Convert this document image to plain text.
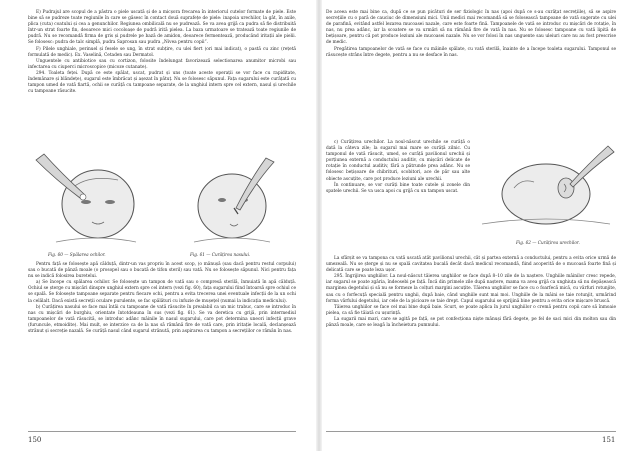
E) Pudrajul are scopul de a păstra o piele uscată și de a micșora frecarea în interiorul cutelor formate de piele. Este bine să se pudreze toate regiunile în care se găsesc în contact două suprafețe de piele: inapoia urechilor, la gât, în axile, plica (cuta) coatului și cea a genunchilor. Regiunea ombilicală nu se pudrează. Se va avea grijă ca pudra să fie distribuită într-un strat foarte fin, deoarece mici cocoloașe de pudră irită pielea. La baza urmatoare se tratează toate regiunile de pudră. Nu se recomandă firma de gris și pudrele pe bază de amidon, deoarece fermentează, producând iritații ale pielii. Se folosesc: pudra de talc simplă, pudra Saprosan sau pudra „Nivea pentru copii”.

F) Pilele unghiale, perinuel și fesele se ung, în strat subțire, cu ulei fiert (ori mai indicat), o pastă cu zinc (rețetă formulată de medic). Ex. Vaselină, Cetaden sau Dermatol.

Unguentele cu antibiotice sau cu cortizon, folosite îndelungat favorizează selectionarea anumitor microbi sau infectarea cu ciuperci microscopice (micoze cutanate).

294. Toaleta feței. După ce este spălat, uscat, pudrat și uns (toate aceste operații se vor face cu rapiditate, îndemânare și blândețe), sugarul este îmbrăcat și așezat în pătuț. Nu se folosesc săpunul. Fața sugarului este curățată cu tampon umed de vată fiartă, ochii se curăță cu tampoane separate, de la unghiul intern spre cel extern, nasul și urechile cu tampoane răsucite.

Fig. 60 — Spălarea ochilor.	Fig. 61 — Curățirea nasului.

Pentru față se folosește apă călduță, dintr-un vas propriu în acest scop, (o mânușă (sau dacă pentru restul corpului) sau o bucată de pânză moale (o prosopel sau o bucată de tifon steril) sau vată. Nu se folosește săpunul. Nici pentru fața nu se indică folosirea buretelui.

a) Se începe cu spălarea ochilor. Se folosește un tampon de vată sau o compresă sterilă, înmuiată în apă călduță. Ochiul se șterge cu mișcări dinspre unghiul extern spre cel intern (vezi fig. 60), fața sugarului fiind întoarsă spre ochiul ce se spală. Se folosește tampoane separate pentru fiecare ochi, pentru a evita trecerea unei eventuale infecții de la un ochi la celălalt. Dacă există secreții oculare purulente, se fac spălături cu infuzie de mușețel (numai la indicația medicului).

b) Curățirea nasului se face mai întâi cu tampoane de vată răsucite în prealabil ca un mic trabuc, care se introduc în nas cu mișcări de burghiu, orientate întotdeauna în sus (vezi fig. 61). Se va deretica cu grijă, prin intermediul tampoanelor de vată răsucită, se introduc adânc mâinile în nasul sugarului, care pot determina uneori infecții grave (furuncule, etmoidite). Mai mult, se interzice ca de la nas să rămână fire de vată care, prin iritație locală, declanșează strănut și secreție nazală. Se curăță nasul când sugarul strănută, prin aspirarea cu tampon a secrețiilor ce rămân în nas.

150

De aceea este mai bine ca, după ce se pun picături de ser fiziologic în nas (apoi după ce s-au curățat secrețiile), să se aspire secrețiile cu o pară de cauciuc de dimensiuni mici. Unii medici mai recomandă să se folosească tampoane de vată sugerate cu ulei de parafină, evitând astfel lezarea mucoasei nazale, care este foarte fină. Tampoanele de vată se introduc cu mișcări de rotație, în nas, nu prea adânc, iar la scoatere se va urmări să nu rămână fire de vată în nas. Nu se folosesc tampoane cu vată lipită de bețișoare, pentru că pot produce leziuni ale mucoasei nazale. Nu se vor folosi în nas unguente sau uleiuri care nu au fost prescrise de medic.

Pregătirea tampoanelor de vată se face cu mâinile spălate, cu vată sterilă, înainte de a începe toaleta sugarului. Tamponul se răsucește strâns între degete, pentru a nu se desface în nas.

c) Curățirea urechilor. La noul-născut urechile se curăță o dată la câteva zile; la sugarul mai mare se curăță zilnic. Cu tamponul de vată răsucit, umed, se curăță pavilionul urechii și porțiunea externă a conductului auditiv, cu mișcări delicate de rotație în conductul auditiv, fără a pătrunde prea adânc. Nu se folosesc bețișoare de chibrituri, scobitori, ace de păr sau alte obiecte ascuțite, care pot produce leziuni ale urechii.

În continuare, se vor curăți bine toate cutele și zonele din spatele urechii. Se va usca apoi cu grijă cu un tampon uscat.

Fig. 62 — Curățirea urechilor.

La sfârșit se va tampona cu vată uscată atât pavilionul urechii, cât și partea externă a conductului, pentru a evita orice urmă de umezeală. Nu se șterge și nu se spală cavitatea bucală decât dacă medicul recomandă, fiind acoperită de o mucoasă foarte fină și delicată care se poate leza ușor.

295. Îngrijirea unghiilor. La noul-născut tăierea unghiilor se face după 8–10 zile de la naștere. Unghiile mâinilor cresc repede, iar sugarul se poate zgâria, îndeosebi pe față. Încă din primele zile după naștere, mama va avea grijă ca unghiuța să nu depășească marginea degetului și să nu se formeze la colțuri margini ascuțite. Tăierea unghiilor se face cu o foarfecă mică, cu vârfuri rotunjite, sau cu o forfecuță specială pentru unghii, după baie, când unghiile sunt mai moi. Unghiile de la mâini se taie rotunjit, urmărind forma vârfului degetului, iar cele de la picioare se taie drept. Capul sugarului se sprijină bine pentru a evita orice mișcare bruscă.

Tăierea unghiilor se face cel mai bine după baie. Scurt, se poate aplica în jurul unghiilor o cremă pentru copii care să înmoaie pielea, ca să fie tăiată cu ușurință.

La sugarii mai mari, care se agită pe față, se pot confecționa niște mănuși fără degete, pe fel de saci mici din molton sau din pânză moale, care se leagă la încheietura pumnului.

151
